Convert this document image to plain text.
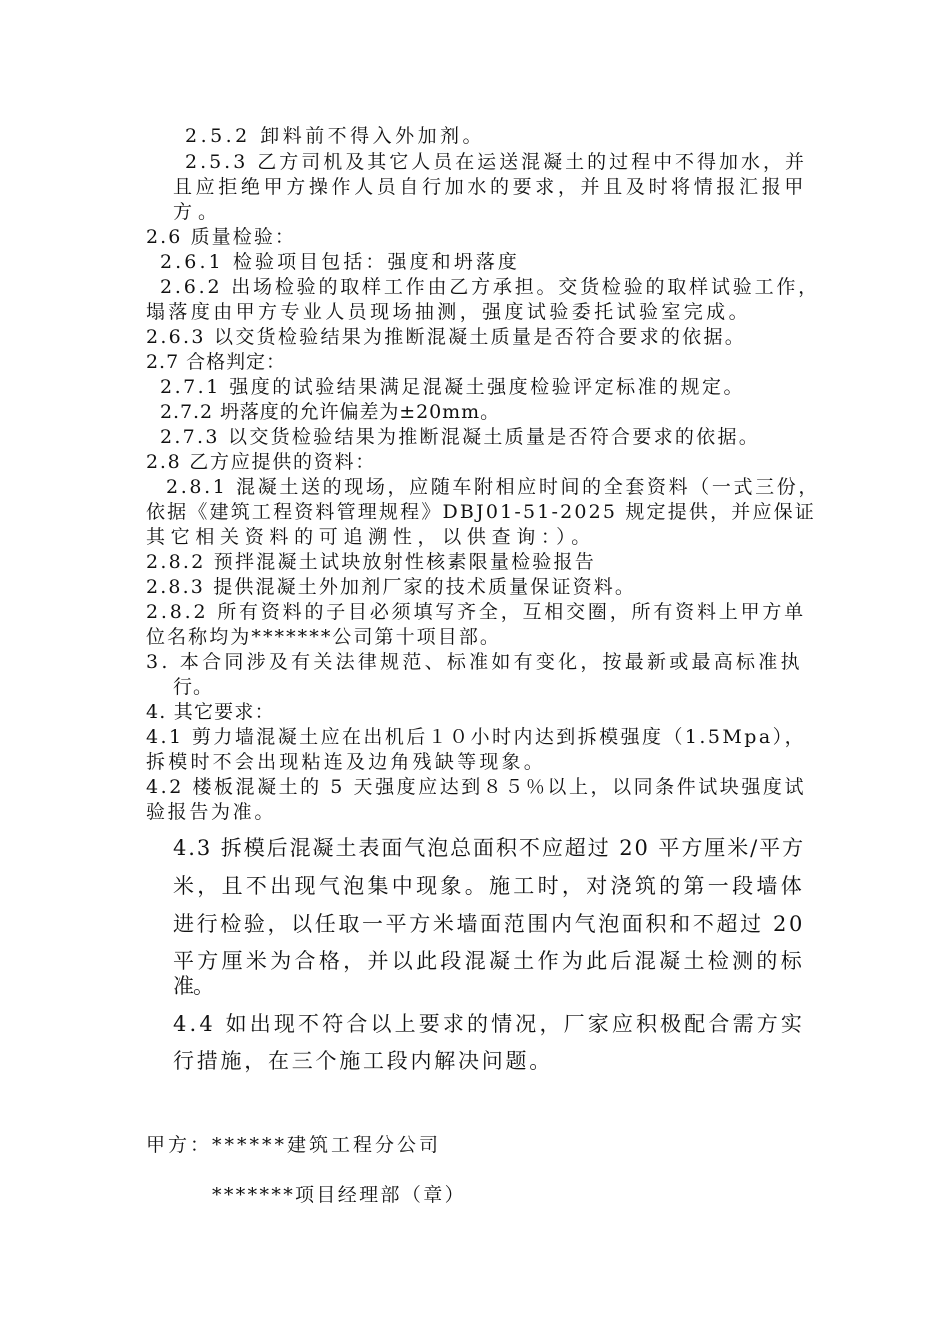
2.5.2 卸料前不得入外加剂。
2.5.3 乙方司机及其它人员在运送混凝土的过程中不得加水，并
且应拒绝甲方操作人员自行加水的要求，并且及时将情报汇报甲
方。
2.6 质量检验：
2.6.1 检验项目包括：强度和坍落度
2.6.2 出场检验的取样工作由乙方承担。交货检验的取样试验工作，
塌落度由甲方专业人员现场抽测，强度试验委托试验室完成。
2.6.3 以交货检验结果为推断混凝土质量是否符合要求的依据。
2.7 合格判定：
2.7.1 强度的试验结果满足混凝土强度检验评定标准的规定。
2.7.2 坍落度的允许偏差为±20mm。
2.7.3 以交货检验结果为推断混凝土质量是否符合要求的依据。
2.8 乙方应提供的资料：
2.8.1 混凝土送的现场，应随车附相应时间的全套资料（一式三份，
依据《建筑工程资料管理规程》DBJ01-51-2025 规定提供，并应保证
其它相关资料的可追溯性，以供查询：）。
2.8.2 预拌混凝土试块放射性核素限量检验报告
2.8.3 提供混凝土外加剂厂家的技术质量保证资料。
2.8.2 所有资料的子目必须填写齐全，互相交圈，所有资料上甲方单
位名称均为*******公司第十项目部。
3. 本合同涉及有关法律规范、标准如有变化，按最新或最高标准执
行。
4. 其它要求：
4.1 剪力墙混凝土应在出机后１０小时内达到拆模强度（1.5Mpa），
拆模时不会出现粘连及边角残缺等现象。
4.2 楼板混凝土的 5 天强度应达到８５％以上，以同条件试块强度试
验报告为准。
4.3 拆模后混凝土表面气泡总面积不应超过 20 平方厘米/平方
米，且不出现气泡集中现象。施工时，对浇筑的第一段墙体
进行检验，以任取一平方米墙面范围内气泡面积和不超过 20
平方厘米为合格，并以此段混凝土作为此后混凝土检测的标
准。
4.4 如出现不符合以上要求的情况，厂家应积极配合需方实
行措施，在三个施工段内解决问题。
甲方：******建筑工程分公司
*******项目经理部（章）
